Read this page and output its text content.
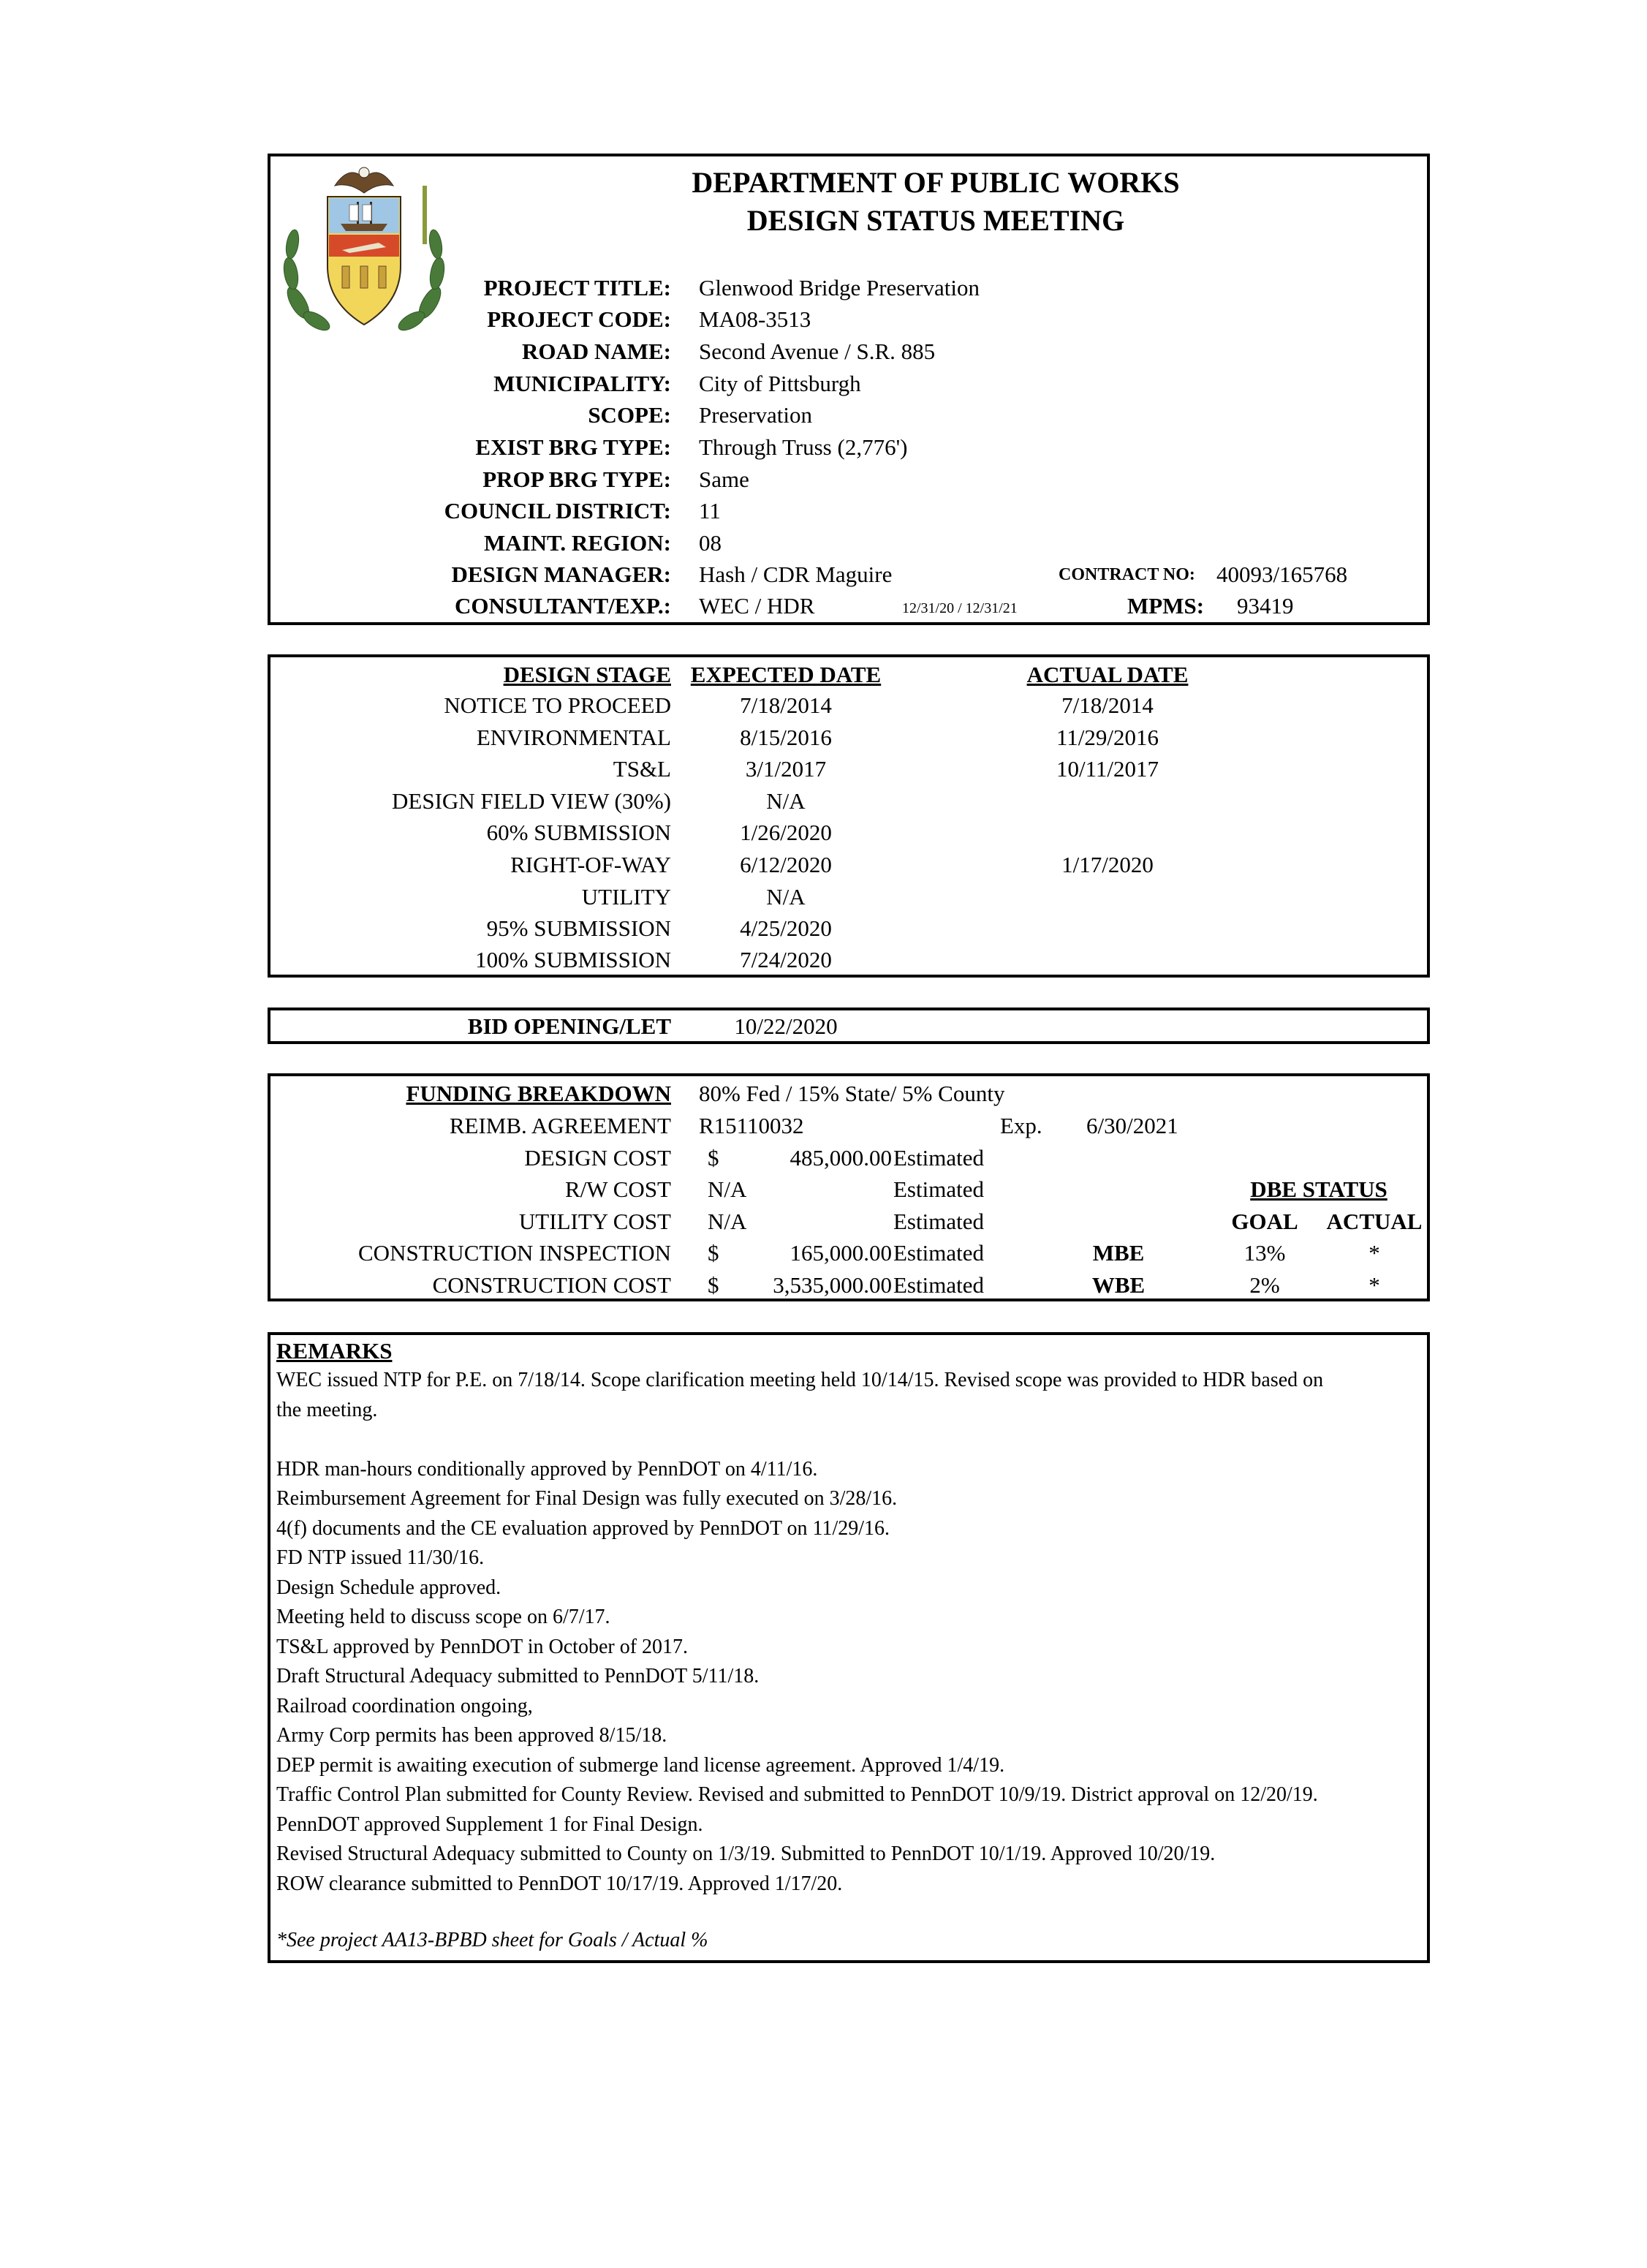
DEPARTMENT OF PUBLIC WORKS
DESIGN STATUS MEETING
PROJECT TITLE: Glenwood Bridge Preservation
PROJECT CODE: MA08-3513
ROAD NAME: Second Avenue / S.R. 885
MUNICIPALITY: City of Pittsburgh
SCOPE: Preservation
EXIST BRG TYPE: Through Truss (2,776')
PROP BRG TYPE: Same
COUNCIL DISTRICT: 11
MAINT. REGION: 08
DESIGN MANAGER: Hash / CDR Maguire
CONSULTANT/EXP.: WEC / HDR
CONTRACT NO: 40093/165768
12/31/20 / 12/31/21	MPMS: 93419
DESIGN STAGE EXPECTED DATE	ACTUAL DATE
NOTICE TO PROCEED	7/18/2014	7/18/2014
ENVIRONMENTAL	8/15/2016	11/29/2016
TS&L	3/1/2017	10/11/2017
DESIGN FIELD VIEW (30%)	N/A
60% SUBMISSION	1/26/2020
RIGHT-OF-WAY	6/12/2020	1/17/2020
UTILITY	N/A
95% SUBMISSION	4/25/2020
100% SUBMISSION	7/24/2020
BID OPENING/LET	10/22/2020
FUNDING BREAKDOWN 80% Fed / 15% State/ 5% County
REIMB. AGREEMENT R15110032	Exp. 6/30/2021
DESIGN COST $	485,000.00 Estimated
R/W COST N/A	Estimated
UTILITY COST N/A	Estimated
CONSTRUCTION INSPECTION $	165,000.00 Estimated
CONSTRUCTION COST $	3,535,000.00 Estimated
DBE STATUS
GOAL	ACTUAL
MBE	13%	*
WBE	2%	*
REMARKS
WEC issued NTP for P.E. on 7/18/14. Scope clarification meeting held 10/14/15. Revised scope was provided to HDR based on
the meeting.
HDR man-hours conditionally approved by PennDOT on 4/11/16.
Reimbursement Agreement for Final Design was fully executed on 3/28/16.
4(f) documents and the CE evaluation approved by PennDOT on 11/29/16.
FD NTP issued 11/30/16.
Design Schedule approved.
Meeting held to discuss scope on 6/7/17.
TS&L approved by PennDOT in October of 2017.
Draft Structural Adequacy submitted to PennDOT 5/11/18.
Railroad coordination ongoing,
Army Corp permits has been approved 8/15/18.
DEP permit is awaiting execution of submerge land license agreement. Approved 1/4/19.
Traffic Control Plan submitted for County Review. Revised and submitted to PennDOT 10/9/19. District approval on 12/20/19.
PennDOT approved Supplement 1 for Final Design.
Revised Structural Adequacy submitted to County on 1/3/19. Submitted to PennDOT 10/1/19. Approved 10/20/19.
ROW clearance submitted to PennDOT 10/17/19. Approved 1/17/20.
*See project AA13-BPBD sheet for Goals / Actual %
